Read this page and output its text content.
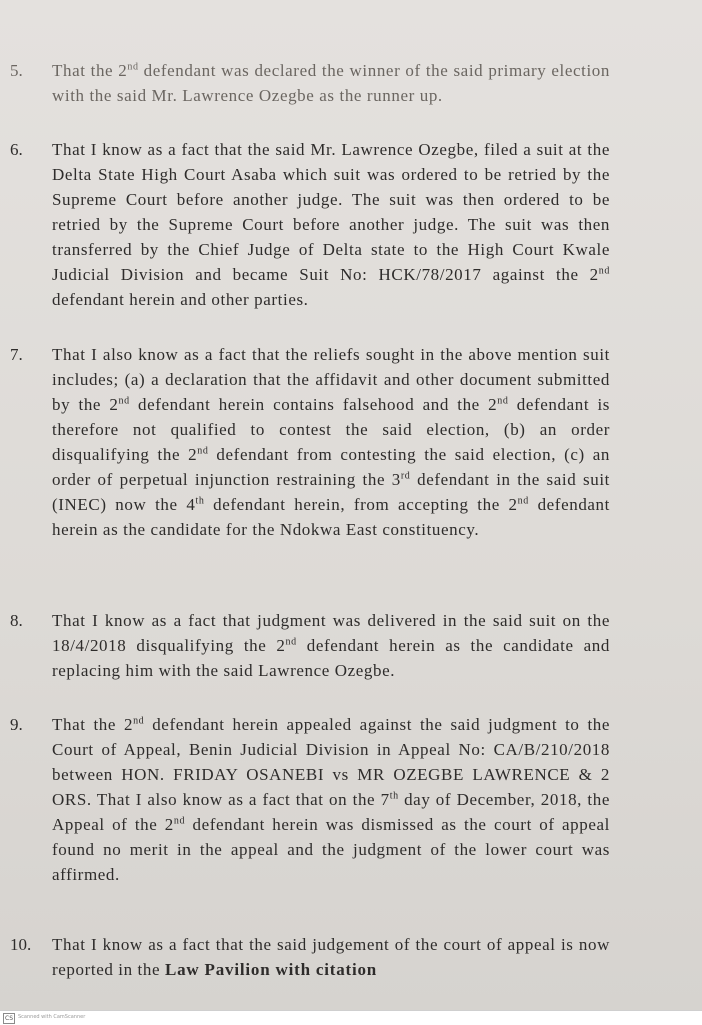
5.	That the 2nd defendant was declared the winner of the said primary election with the said Mr. Lawrence Ozegbe as the runner up.
6.	That I know as a fact that the said Mr. Lawrence Ozegbe, filed a suit at the Delta State High Court Asaba which suit was ordered to be retried by the Supreme Court before another judge. The suit was then ordered to be retried by the Supreme Court before another judge. The suit was then transferred by the Chief Judge of Delta state to the High Court Kwale Judicial Division and became Suit No: HCK/78/2017 against the 2nd defendant herein and other parties.
7.	That I also know as a fact that the reliefs sought in the above mention suit includes; (a) a declaration that the affidavit and other document submitted by the 2nd defendant herein contains falsehood and the 2nd defendant is therefore not qualified to contest the said election, (b) an order disqualifying the 2nd defendant from contesting the said election, (c) an order of perpetual injunction restraining the 3rd defendant in the said suit (INEC) now the 4th defendant herein, from accepting the 2nd defendant herein as the candidate for the Ndokwa East constituency.
8.	That I know as a fact that judgment was delivered in the said suit on the 18/4/2018 disqualifying the 2nd defendant herein as the candidate and replacing him with the said Lawrence Ozegbe.
9.	That the 2nd defendant herein appealed against the said judgment to the Court of Appeal, Benin Judicial Division in Appeal No: CA/B/210/2018 between HON. FRIDAY OSANEBI vs MR OZEGBE LAWRENCE & 2 ORS. That I also know as a fact that on the 7th day of December, 2018, the Appeal of the 2nd defendant herein was dismissed as the court of appeal found no merit in the appeal and the judgment of the lower court was affirmed.
10.	That I know as a fact that the said judgement of the court of appeal is now reported in the Law Pavilion with citation
CS	Scanned with CamScanner
